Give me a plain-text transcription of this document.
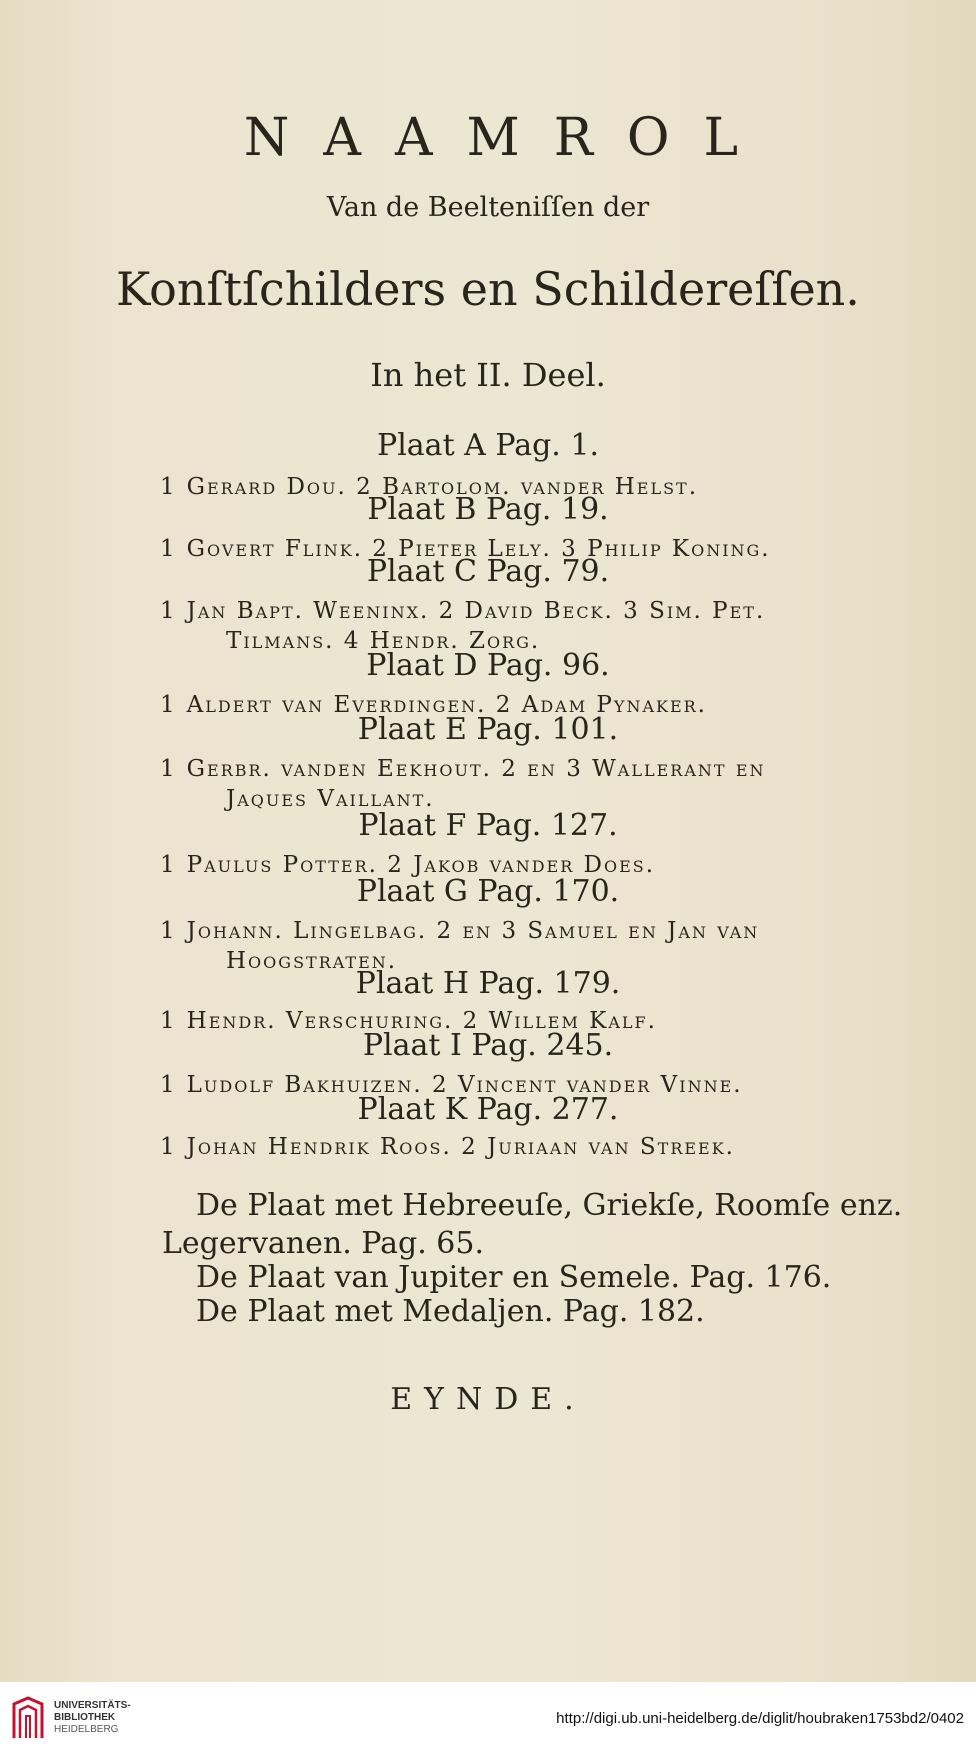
NAAMROL
Van de Beelteniſſen der
Konſtſchilders en Schildereſſen.
In het II. Deel.
Plaat A Pag. 1.
1 Gerard Dou. 2 Bartolom. vander Helst.
Plaat B Pag. 19.
1 Govert Flink. 2 Pieter Lely. 3 Philip Koning.
Plaat C Pag. 79.
1 Jan Bapt. Weeninx. 2 David Beck. 3 Sim. Pet.
Tilmans. 4 Hendr. Zorg.
Plaat D Pag. 96.
1 Aldert van Everdingen. 2 Adam Pynaker.
Plaat E Pag. 101.
1 Gerbr. vanden Eekhout. 2 en 3 Wallerant en
Jaques Vaillant.
Plaat F Pag. 127.
1 Paulus Potter. 2 Jakob vander Does.
Plaat G Pag. 170.
1 Johann. Lingelbag. 2 en 3 Samuel en Jan van
Hoogstraten.
Plaat H Pag. 179.
1 Hendr. Verschuring. 2 Willem Kalf.
Plaat I Pag. 245.
1 Ludolf Bakhuizen. 2 Vincent vander Vinne.
Plaat K Pag. 277.
1 Johan Hendrik Roos. 2 Juriaan van Streek.
De Plaat met Hebreeuſe, Griekſe, Roomſe enz.
Legervanen. Pag. 65.
De Plaat van Jupiter en Semele. Pag. 176.
De Plaat met Medaljen. Pag. 182.
EYNDE.
UNIVERSITÄTS-
BIBLIOTHEK
HEIDELBERG
http://digi.ub.uni-heidelberg.de/diglit/houbraken1753bd2/0402
